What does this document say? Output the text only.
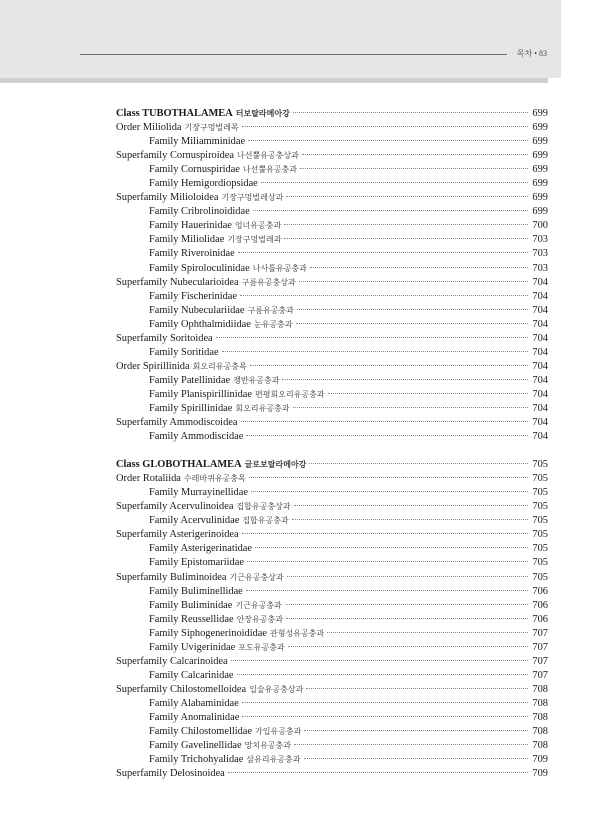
목차 • 83
Class TUBOTHALAMEA 터보탈라메아강	699
Order Miliolida 기장구멍벌레목	699
Family Miliamminidae	699
Superfamily Cornuspiroidea 나선뿔유공충상과	699
Family Cornuspiridae 나선뿔유공충과	699
Family Hemigordiopsidae	699
Superfamily Milioloidea 기장구멍벌레상과	699
Family Cribrolinoididae	699
Family Hauerinidae 엉너유공충과	700
Family Miliolidae 기장구멍벌레과	703
Family Riveroinidae	703
Family Spiroloculinidae 나사틀유공충과	703
Superfamily Nubecularioidea 구름유공충상과	704
Family Fischerinidae	704
Family Nubeculariidae 구름유공충과	704
Family Ophthalmidiidae 눈유공충과	704
Superfamily Soritoidea	704
Family Soritidae	704
Order Spirillinida 회오리유공충목	704
Family Patellinidae 쟁반유공충과	704
Family Planispirillinidae 편평회오리유공충과	704
Family Spirillinidae 회오리유공충과	704
Superfamily Ammodiscoidea	704
Family Ammodiscidae	704
Class GLOBOTHALAMEA 글로보탈라메아강	705
Order Rotaliida 수레바퀴유공충목	705
Family Murrayinellidae	705
Superfamily Acervulinoidea 집합유공충상과	705
Family Acervulinidae 집합유공충과	705
Superfamily Asterigerinoidea	705
Family Asterigerinatidae	705
Family Epistomariidae	705
Superfamily Buliminoidea 기근유공충상과	705
Family Buliminellidae	706
Family Buliminidae 기근유공충과	706
Family Reussellidae 안장유공충과	706
Family Siphogenerinoididae 관형성유공충과	707
Family Uvigerinidae 포도유공충과	707
Superfamily Calcarinoidea	707
Family Calcarinidae	707
Superfamily Chilostomelloidea 입술유공충상과	708
Family Alabaminidae	708
Family Anomalinidae	708
Family Chilostomellidae 가입유공충과	708
Family Gavelinellidae 망치유공충과	708
Family Trichohyalidae 삼유리유공충과	709
Superfamily Delosinoidea	709
